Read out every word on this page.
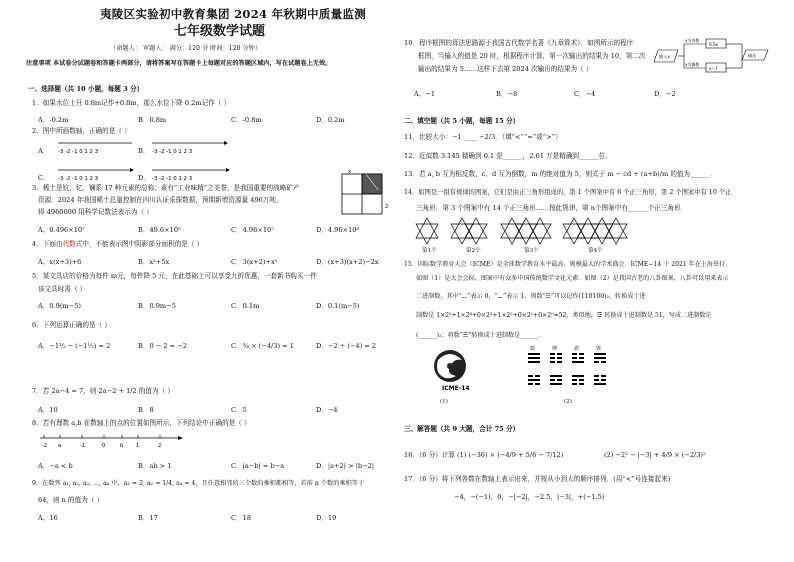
夷陵区实验初中教育集团 2024 年秋期中质量监测
七年级数学试题
（命题人： 审题人： 满分：120 分 时间：120 分钟）
注意事项 本试卷分试题卷和答题卡两部分，请将答案写在答题卡上每题对应的答题区域内，写在试题卷上无效。
一、选择题（共 10 小题，每题 3 分）
1．如果水位上升 0.8m记作+0.8m，那么水位下降 0.2m记作（ ）
A．-0.2m	B．0.8m	C．-0.8m	D．0.2m
2．图中所画数轴，正确的是（ ）
A． -3 -2 -1 0 1 2 3	B． -3 -2 -1 0 1 2 3
C． -3 -2 -1 0 1 2 3	D． -3 -2 -1 0 1 2 3
3．稀土是钪、钇、镧系 17 种元素的总称；素有“工业味精”之美誉，是我国重要的战略矿产
资源．2024 年我国稀土总量控制在四川认证采探数据，预期新增资源量 496万吨，
将 4960000 用科学记数法表示为（ ）
x
2
A．0.496×10⁷	B．49.6×10⁵	C．4.96×10⁷	D．4.96×10⁶
4．下面由代数式中，不能表示图中阴影部分面积的是（ ）
A．x(x+3)+6	B．x²+5x	C．3(x+2)+x²	D．(x+3)(x+2)−2x
5．某文具店的价格为每件 m元，每件降 5 元，在此基础上可以享受九折优惠，一套新书购买一件
该文具时需（ ）
A．0.9(m−5)	B．0.9m−5	C．0.1m	D．0.1(m−5)
6．下列运算正确的是（ ）
A．−1½ − (−1½) = 2	B．0 − 2 = −2	C．¾ × (−4/3) = 1	D．−2 ÷ (−4) = 2
7．若 2a−4 = 7，则 2a−2 + 1/2 的值为（ ）
A．10	B．8	C．5	D．−4
8．若有理数 a,b 在数轴上的点的位置如图所示，下列结论中正确的是（ ）
-2 a	-1	0	b 1	2
A．−a < b	B．ab > 1	C．|a−b| = b−a	D．|a+2| > |b−2|
9．在数列 a₁, a₂, a₃, …, aₙ 中，a₁ = 2, a₂ = 1/4, a₄ = 4，且任意相邻的三个数的乘积都相等，若前 n 个数的乘积等于
64，则 n 的值为（ ）
A．16	B．17	C．18	D．19
10．程序框图的算法思路源于我国古代数学名著《九章算术》．如图所示的程序
框图，当输入的值是 20 时，根据程序计算，第一次输出的结果为 10，第二次
输出的结果为 5……这样下去第 2024 次输出的结果为（ ）
输入x
x为奇数
x为偶数
0.5x
x−7
输出
A．−1	B．−8	C．−4	D．−2
二、填空题（共 5 小题，每题 15 分）
11．比较大小：−1 ____ −2/3．（填“<”“=”或“>”）
12．近似数 3.145 精确到 0.1 是______，2.61 万是精确到______位．
13．若 a, b 互为相反数，c、d 互为倒数，m 的绝对值为 5，则式子 m − cd + (a+b)/m 的值为______．
14．如图是一组有规律的图案，它们是由正三角形组成的，第 1 个图案中有 6 个正三角形，第 2 个图案中有 10 个正
三角形，第 3 个图案中有 14 个正三角形……按此规律，第 n个图案中有______个正三角形．
第1个	第2个	第3个	第4个
15．国际数学教育大会（ICME）是全球数学教育水平最高、规模最大的学术盛会．ICME−14 于 2021 年在上海举行，
如图（1）是大会会标，图案中有众多中国传统数学文化元素．如图（2）是我国古老的八卦图案，八卦可以用来表示
二进制数，其中“⚋”表示 0，“⚊”表示 1，则数“☷”可以记作(110100)₂，转换成十进
制数是 1×2⁵+1×2⁴+0×2³+1×2²+0×2¹+0×2⁰=52，类似地，☲ 转换成十进制数是 51，写成二进制数是
(______)₂；将数“☴”转换成十进制数是______．
ICME-14
(1)
乾	坤	震	巽
(2)
三、解答题（共 9 大题，合计 75 分）
16．（6 分）计算 (1) (−36) × (−4/9 + 5/6 − 7/12)	(2) −2² − |−3| + 4/9 × (−2/3)²
17．（6 分）将下列各数在数轴上表示出来，并按从小到大的顺序排列．(用“<”号连接起来)
−4，−(−1)，0，−|−2|，−2.5，|−3|，+(−1.5)
